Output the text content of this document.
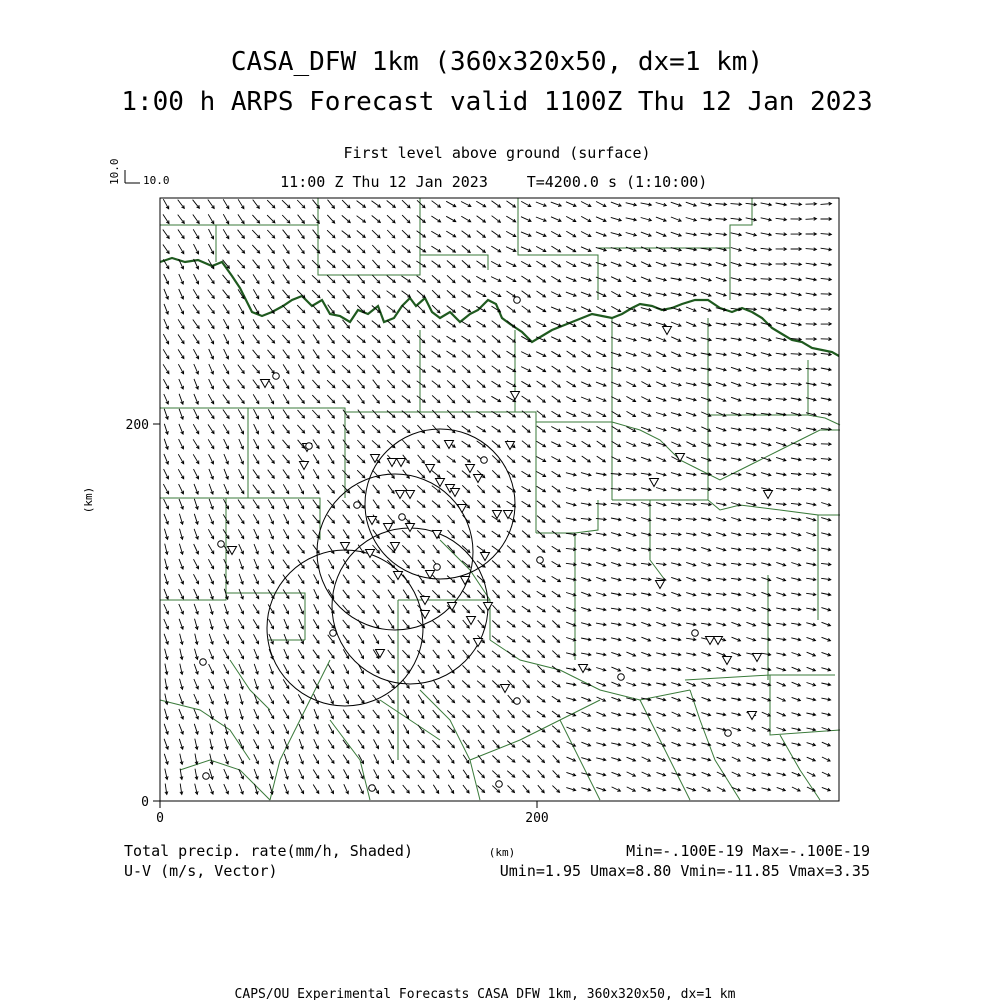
CASA_DFW 1km (360x320x50, dx=1 km)
1:00 h ARPS Forecast valid 1100Z Thu 12 Jan 2023
First level above ground (surface)
11:00 Z Thu 12 Jan 2023	T=4200.0 s (1:10:00)
10.0
10.0
0	200
0
200
(km)
Total precip. rate(mm/h, Shaded)	(km)	Min=-.100E-19 Max=-.100E-19
U-V (m/s, Vector)	Umin=1.95 Umax=8.80 Vmin=-11.85 Vmax=3.35
CAPS/OU Experimental Forecasts CASA DFW 1km, 360x320x50, dx=1 km
